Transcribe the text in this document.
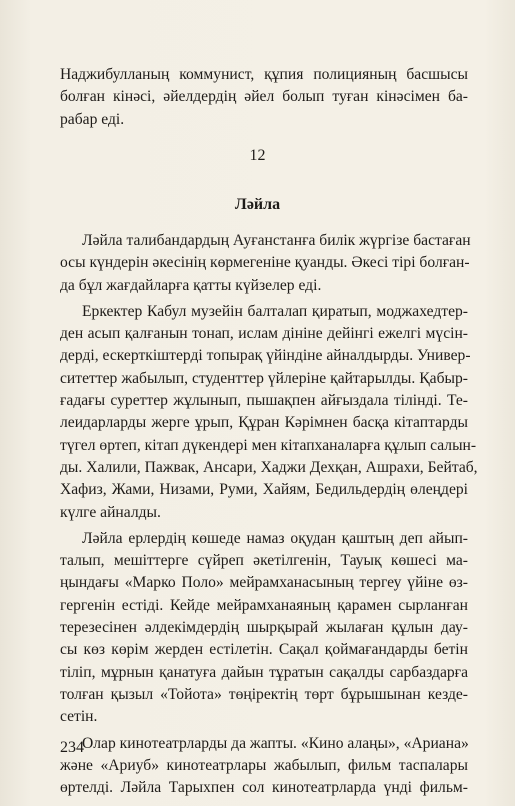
Наджибулланың коммунист, құпия полицияның басшысы
болған кінәсі, әйелдердің әйел болып туған кінәсімен ба-
рабар еді.
12
Ләйла
Ләйла талибандардың Ауғанстанға билік жүргізе бастаған
осы күндерін әкесінің көрмегеніне қуанды. Әкесі тірі болған-
да бұл жағдайларға қатты күйзелер еді.
Еркектер Кабул музейін балталап қиратып, моджахедтер-
ден асып қалғанын тонап, ислам дініне дейінгі ежелгі мүсін-
дерді, ескерткіштерді топырақ үйіндіне айналдырды. Универ-
ситеттер жабылып, студенттер үйлеріне қайтарылды. Қабыр-
ғадағы суреттер жұлынып, пышақпен айғыздала тілінді. Те-
леидарларды жерге ұрып, Құран Кәрімнен басқа кітаптарды
түгел өртеп, кітап дүкендері мен кітапханаларға құлып салын-
ды. Халили, Пажвак, Ансари, Хаджи Дехқан, Ашрахи, Бейтаб,
Хафиз, Жами, Низами, Руми, Хайям, Бедильдердің өлеңдері
күлге айналды.
Ләйла ерлердің көшеде намаз оқудан қаштың деп айып-
талып, мешіттерге сүйреп әкетілгенін, Тауық көшесі ма-
ңындағы «Марко Поло» мейрамханасының тергеу үйіне өз-
гергенін естіді. Кейде мейрамханаяның қарамен сырланған
терезесінен әлдекімдердің шырқырай жылаған құлын дау-
сы көз көрім жерден естілетін. Сақал қоймағандарды бетін
тіліп, мұрнын қанатуға дайын тұратын сақалды сарбаздарға
толған қызыл «Тойота» төңіректің төрт бұрышынан кезде-
сетін.
Олар кинотеатрларды да жапты. «Кино алаңы», «Ариана»
және «Ариуб» кинотеатрлары жабылып, фильм таспалары
өртелді. Ләйла Тарыхпен сол кинотеатрларда үнді фильм-
234
